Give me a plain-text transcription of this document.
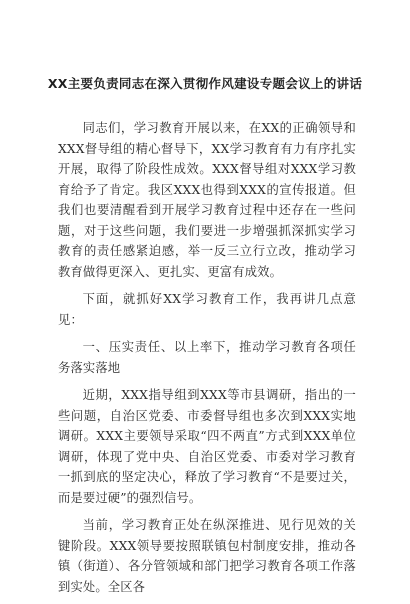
XX主要负责同志在深入贯彻作风建设专题会议上的讲话

同志们，学习教育开展以来，在XX的正确领导和XXX督导组的精心督导下，XX学习教育有力有序扎实开展，取得了阶段性成效。XXX督导组对XXX学习教育给予了肯定。我区XXX也得到XXX的宣传报道。但我们也要清醒看到开展学习教育过程中还存在一些问题，对于这些问题，我们要进一步增强抓深抓实学习教育的责任感紧迫感，举一反三立行立改，推动学习教育做得更深入、更扎实、更富有成效。

下面，就抓好XX学习教育工作，我再讲几点意见：

一、压实责任、以上率下，推动学习教育各项任务落实落地

近期，XXX指导组到XXX等市县调研，指出的一些问题，自治区党委、市委督导组也多次到XXX实地调研。XXX主要领导采取“四不两直”方式到XXX单位调研，体现了党中央、自治区党委、市委对学习教育一抓到底的坚定决心，释放了学习教育“不是要过关，而是要过硬”的强烈信号。

当前，学习教育正处在纵深推进、见行见效的关键阶段。XXX领导要按照联镇包村制度安排，推动各镇（街道）、各分管领域和部门把学习教育各项工作落到实处。全区各
